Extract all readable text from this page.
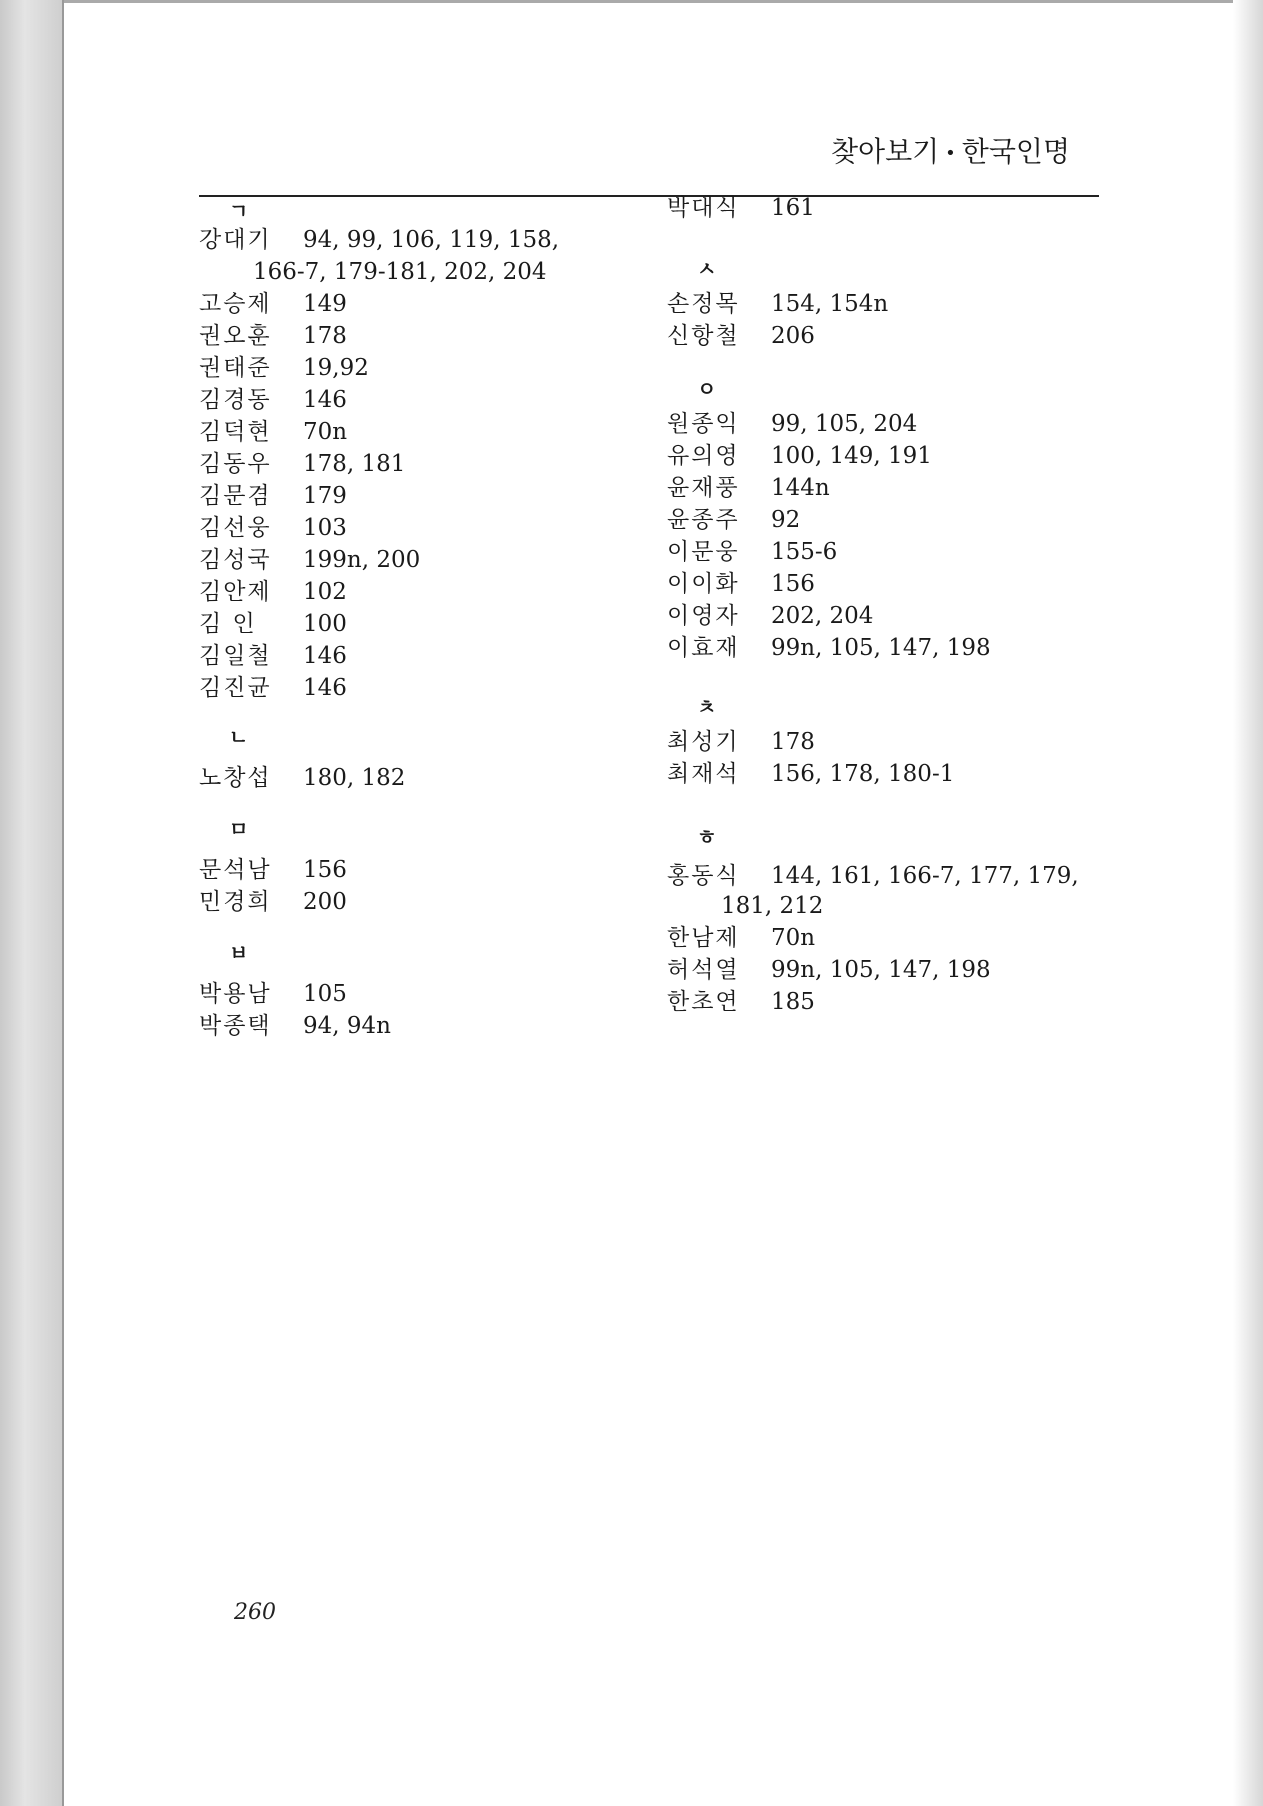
찾아보기 • 한국인명
ㄱ
강대기 94, 99, 106, 119, 158,
166-7, 179-181, 202, 204
고승제 149
권오훈 178
권태준 19,92
김경동 146
김덕현 70n
김동우 178, 181
김문겸 179
김선웅 103
김성국 199n, 200
김안제 102
김 인 100
김일철 146
김진균 146
ㄴ
노창섭 180, 182
ㅁ
문석남 156
민경희 200
ㅂ
박용남 105
박종택 94, 94n
박대식 161
ㅅ
손정목 154, 154n
신항철 206
ㅇ
원종익 99, 105, 204
유의영 100, 149, 191
윤재풍 144n
윤종주 92
이문웅 155-6
이이화 156
이영자 202, 204
이효재 99n, 105, 147, 198
ㅊ
최성기 178
최재석 156, 178, 180-1
ㅎ
홍동식 144, 161, 166-7, 177, 179,
181, 212
한남제 70n
허석열 99n, 105, 147, 198
한초연 185
260
